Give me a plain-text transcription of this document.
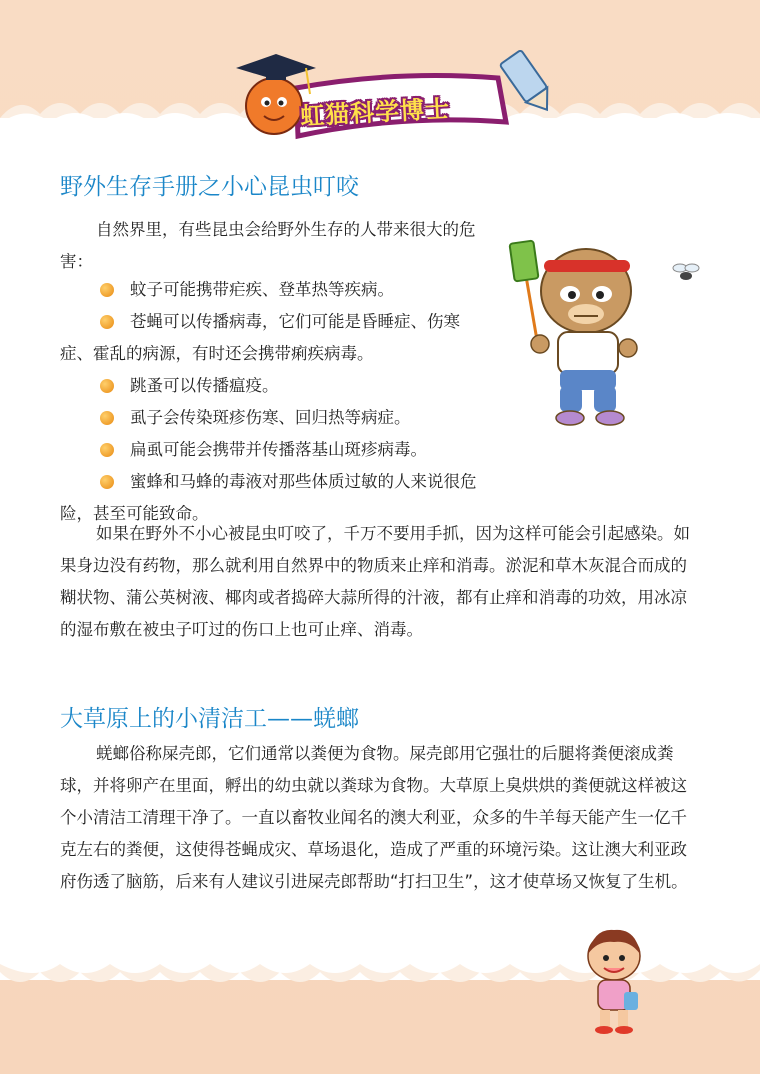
虹猫科学博士
野外生存手册之小心昆虫叮咬

自然界里，有些昆虫会给野外生存的人带来很大的危害：

蚊子可能携带疟疾、登革热等疾病。
苍蝇可以传播病毒，它们可能是昏睡症、伤寒症、霍乱的病源，有时还会携带痢疾病毒。
跳蚤可以传播瘟疫。
虱子会传染斑疹伤寒、回归热等病症。
扁虱可能会携带并传播落基山斑疹病毒。
蜜蜂和马蜂的毒液对那些体质过敏的人来说很危险，甚至可能致命。

如果在野外不小心被昆虫叮咬了，千万不要用手抓，因为这样可能会引起感染。如果身边没有药物，那么就利用自然界中的物质来止痒和消毒。淤泥和草木灰混合而成的糊状物、蒲公英树液、椰肉或者捣碎大蒜所得的汁液，都有止痒和消毒的功效，用冰凉的湿布敷在被虫子叮过的伤口上也可止痒、消毒。

大草原上的小清洁工——蜣螂

蜣螂俗称屎壳郎，它们通常以粪便为食物。屎壳郎用它强壮的后腿将粪便滚成粪球，并将卵产在里面，孵出的幼虫就以粪球为食物。大草原上臭烘烘的粪便就这样被这个小清洁工清理干净了。一直以畜牧业闻名的澳大利亚，众多的牛羊每天能产生一亿千克左右的粪便，这使得苍蝇成灾、草场退化，造成了严重的环境污染。这让澳大利亚政府伤透了脑筋，后来有人建议引进屎壳郎帮助“打扫卫生”，这才使草场又恢复了生机。
